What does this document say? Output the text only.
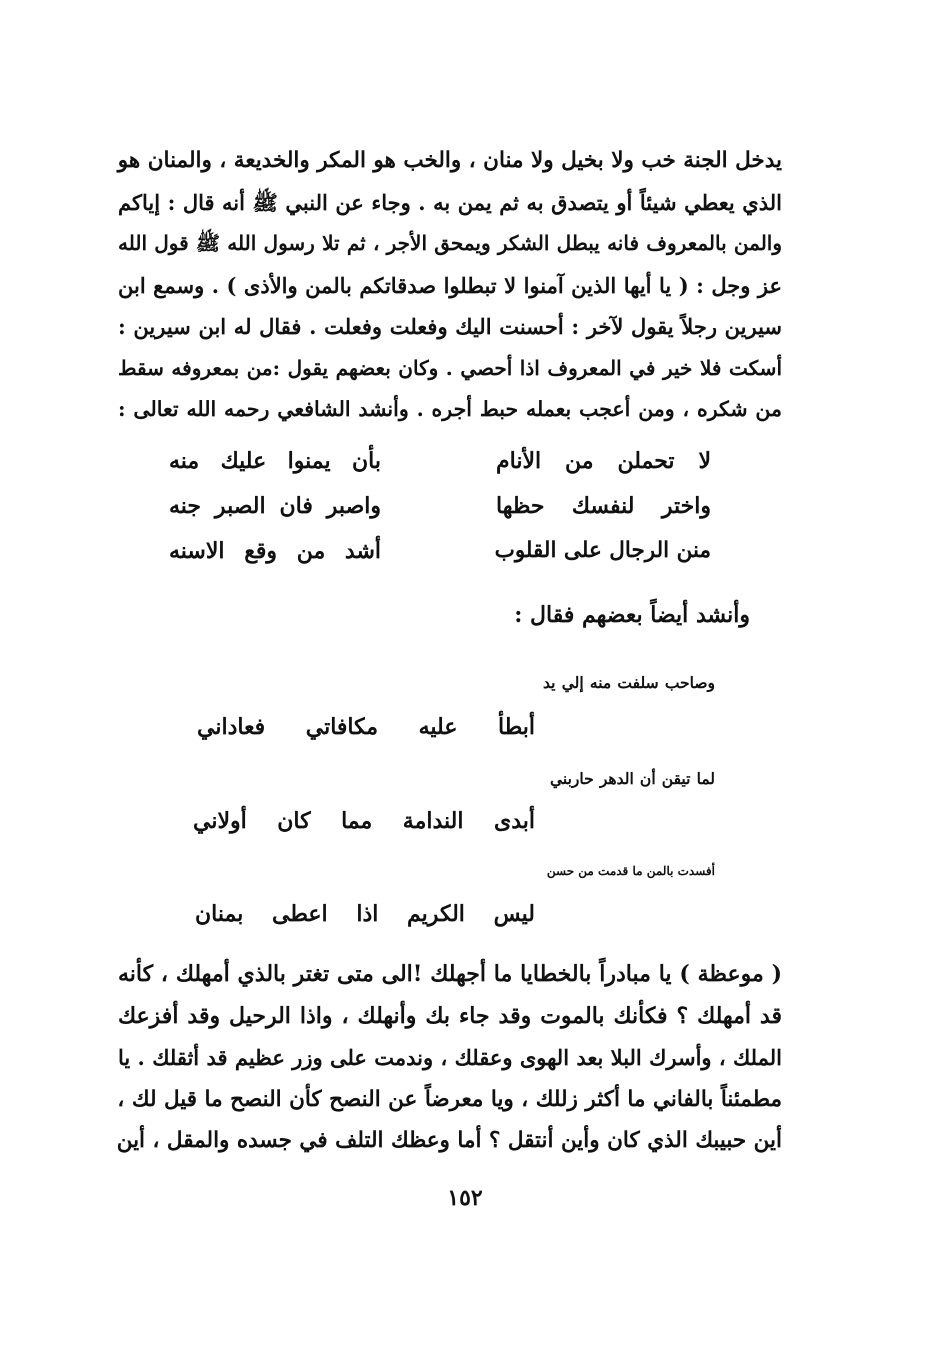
يدخل الجنة خب ولا بخيل ولا منان ، والخب هو المكر والخديعة ، والمنان هو
الذي يعطي شيئاً أو يتصدق به ثم يمن به . وجاء عن النبي ﷺ أنه قال : إياكم
والمن بالمعروف فانه يبطل الشكر ويمحق الأجر ، ثم تلا رسول الله ﷺ قول الله
عز وجل : ( يا أيها الذين آمنوا لا تبطلوا صدقاتكم بالمن والأذى ) . وسمع ابن
سيرين رجلاً يقول لآخر : أحسنت اليك وفعلت وفعلت . فقال له ابن سيرين :
أسكت فلا خير في المعروف اذا أحصي . وكان بعضهم يقول :من بمعروفه سقط
من شكره ، ومن أعجب بعمله حبط أجره . وأنشد الشافعي رحمه الله تعالى :
لا تحملن من الأنام
بأن يمنوا عليك منه
واختر لنفسك حظها
واصبر فان الصبر جنه
منن الرجال على القلوب
أشد من وقع الاسنه
وأنشد أيضاً بعضهم فقال :
وصاحب سلفت منه إلي يد
أبطأ عليه مكافاتي فعاداني
لما تيقن أن الدهر حاربني
أبدى الندامة مما كان أولاني
أفسدت بالمن ما قدمت من حسن
ليس الكريم اذا اعطى بمنان
( موعظة ) يا مبادراً بالخطايا ما أجهلك !الى متى تغتر بالذي أمهلك ، كأنه
قد أمهلك ؟ فكأنك بالموت وقد جاء بك وأنهلك ، واذا الرحيل وقد أفزعك
الملك ، وأسرك البلا بعد الهوى وعقلك ، وندمت على وزر عظيم قد أثقلك . يا
مطمئناً بالفاني ما أكثر زللك ، ويا معرضاً عن النصح كأن النصح ما قيل لك ،
أين حبيبك الذي كان وأين أنتقل ؟ أما وعظك التلف في جسده والمقل ، أين
١٥٢
